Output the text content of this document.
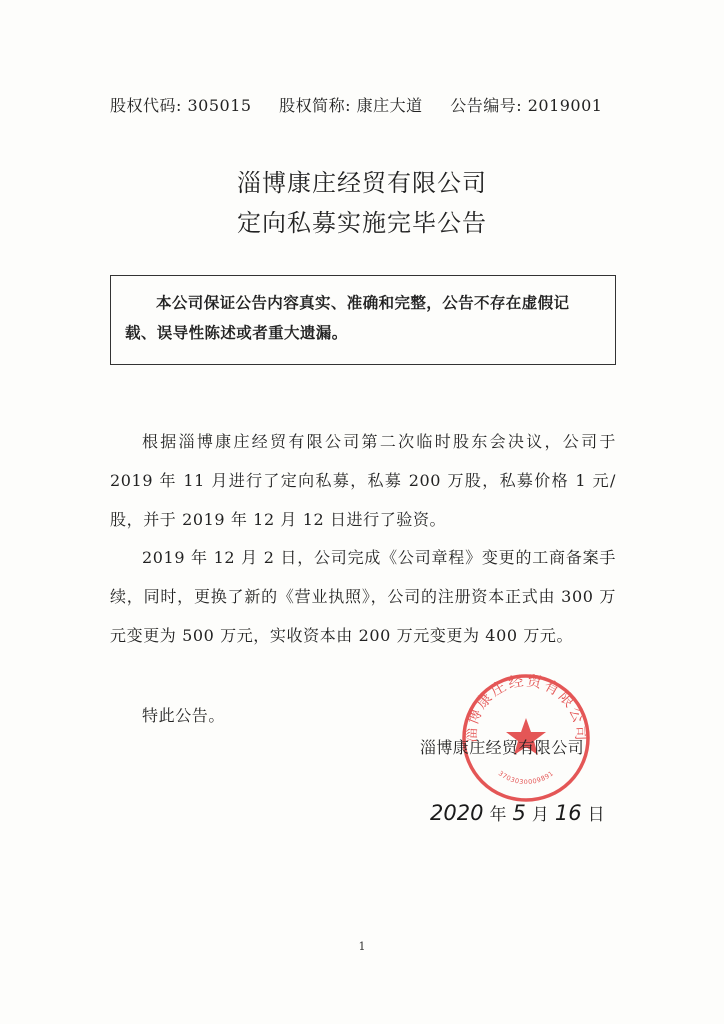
股权代码: 305015 股权简称: 康庄大道 公告编号: 2019001
淄博康庄经贸有限公司
定向私募实施完毕公告
本公司保证公告内容真实、准确和完整，公告不存在虚假记载、误导性陈述或者重大遗漏。
根据淄博康庄经贸有限公司第二次临时股东会决议，公司于 2019 年 11 月进行了定向私募，私募 200 万股，私募价格 1 元/股，并于 2019 年 12 月 12 日进行了验资。
2019 年 12 月 2 日，公司完成《公司章程》变更的工商备案手续，同时，更换了新的《营业执照》，公司的注册资本正式由 300 万元变更为 500 万元，实收资本由 200 万元变更为 400 万元。
特此公告。
淄博康庄经贸有限公司
3703030009891
淄博康庄经贸有限公司
2020 年 5 月 16 日
1
